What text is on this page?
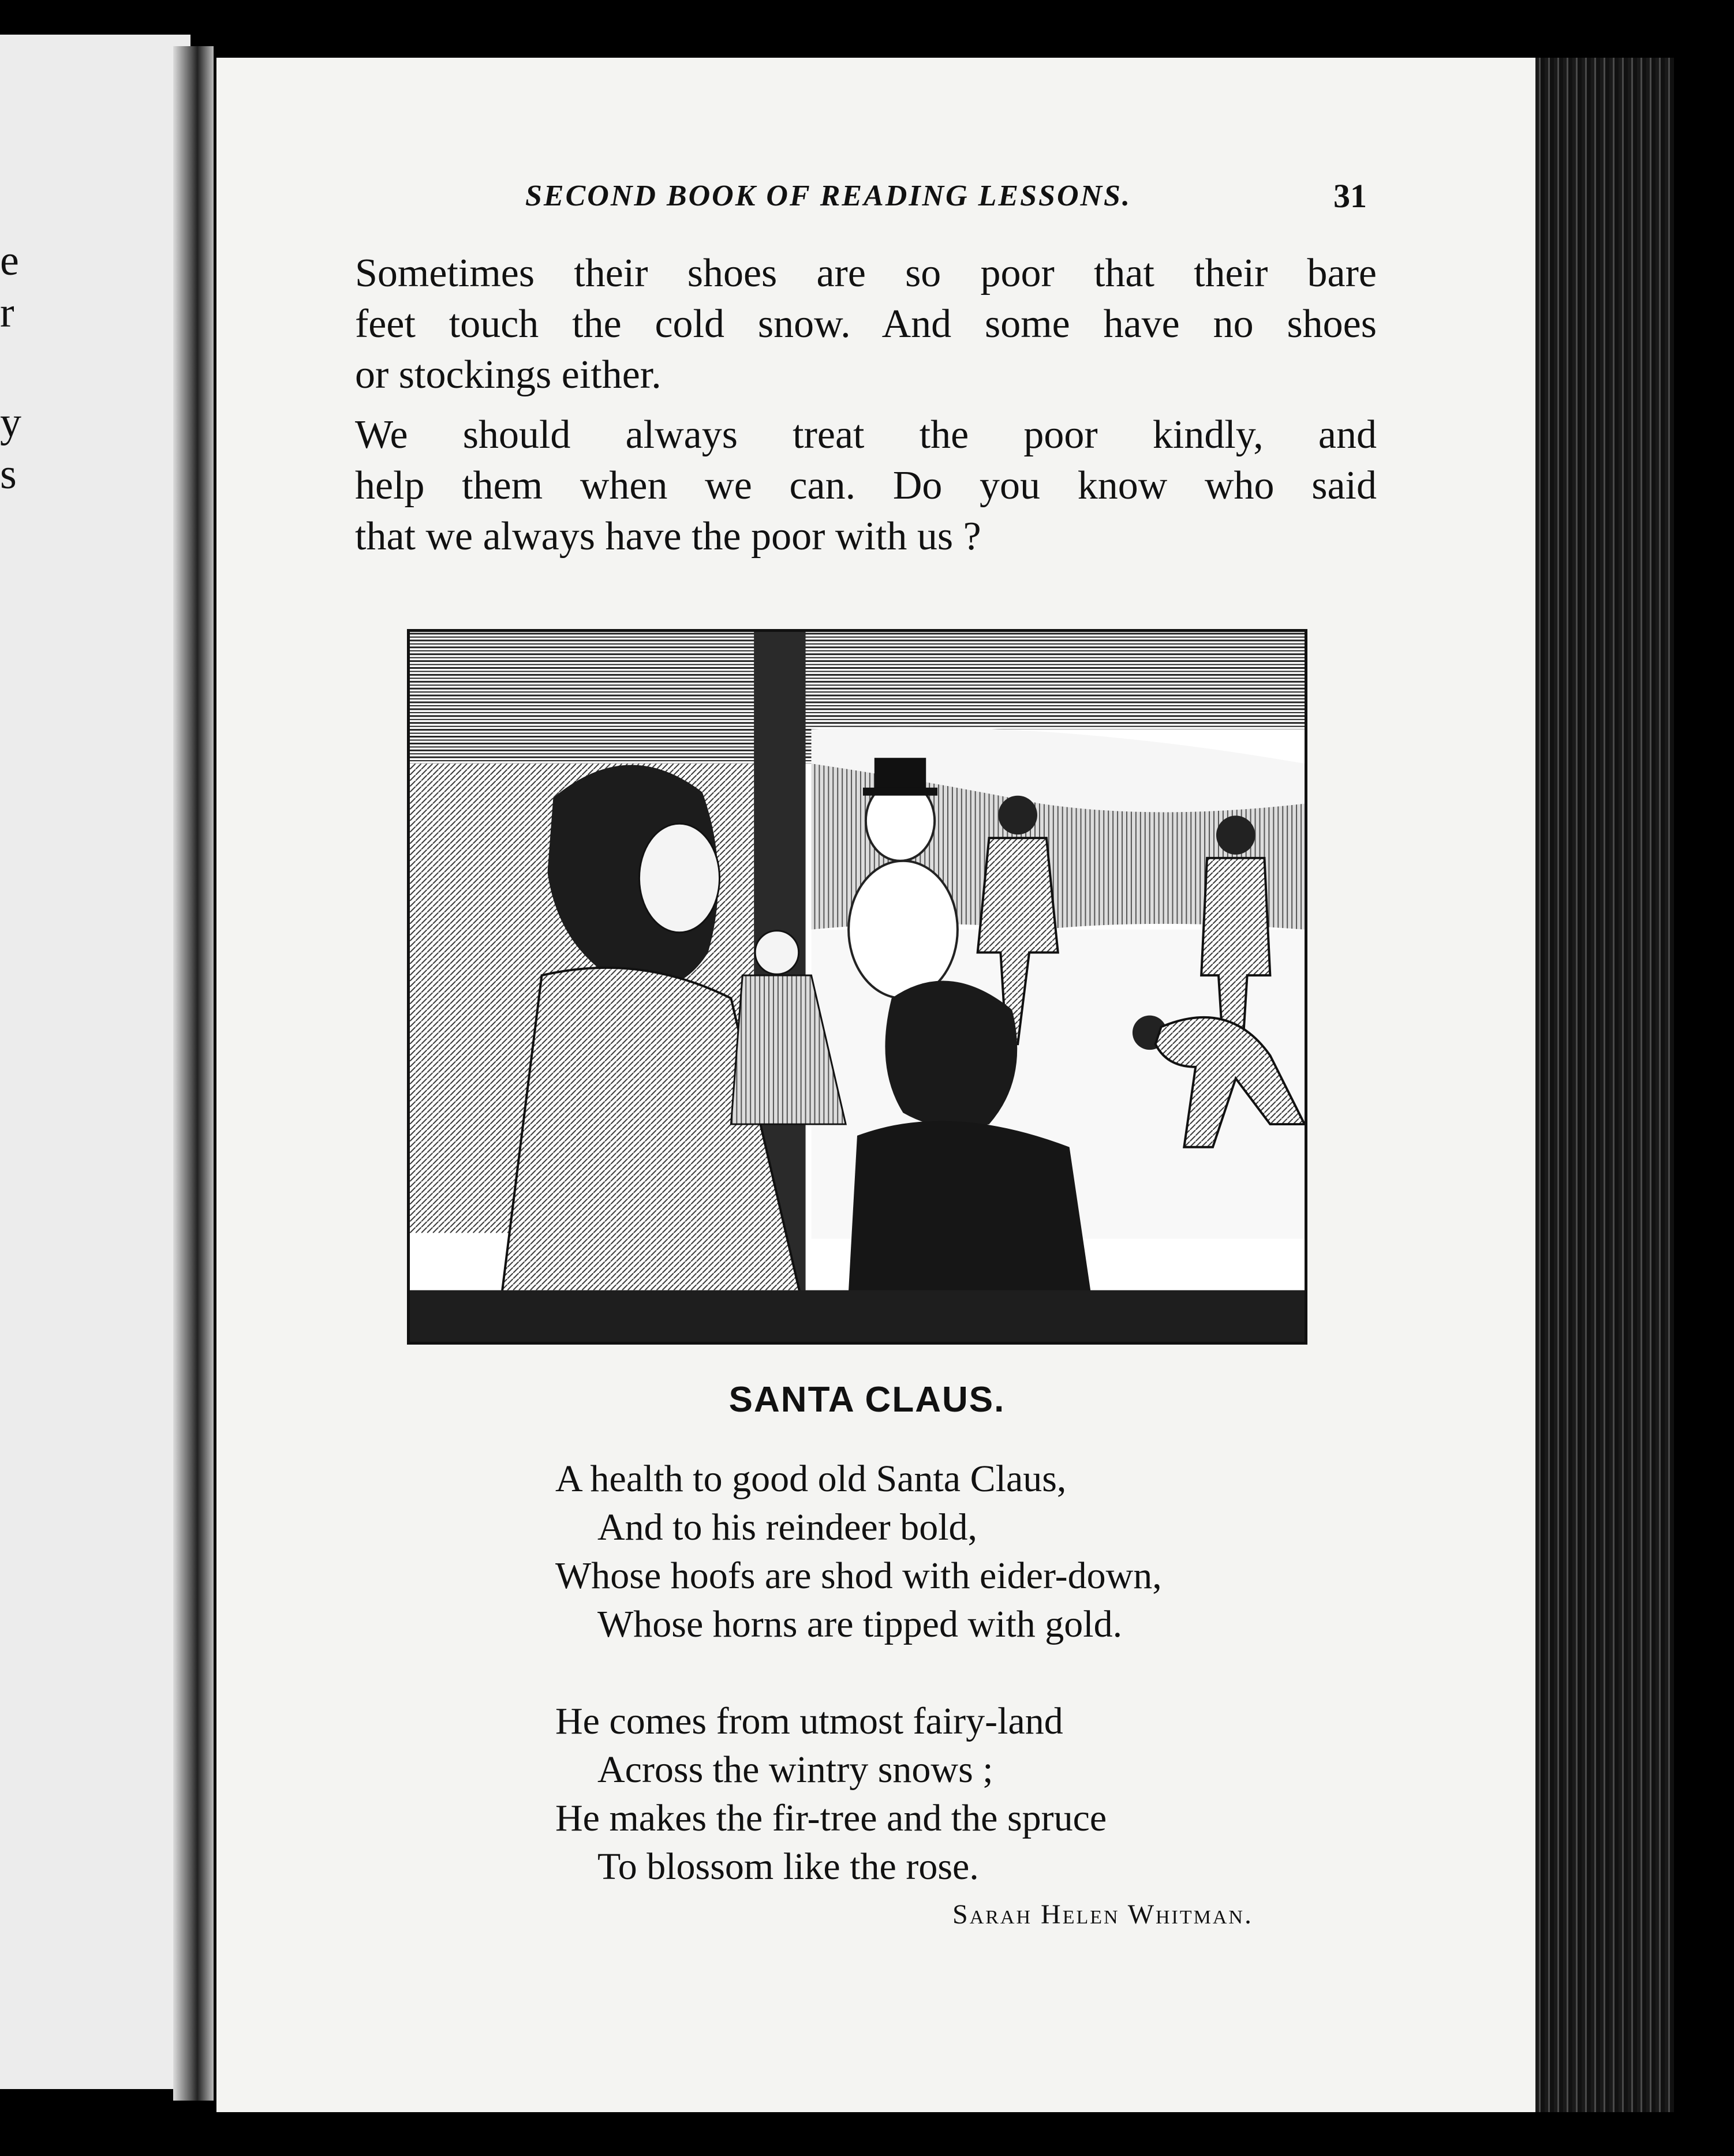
e
r
y
s
SECOND BOOK OF READING LESSONS.	31
Sometimes their shoes are so poor that their bare
feet touch the cold snow. And some have no shoes
or stockings either.
We should always treat the poor kindly, and
help them when we can. Do you know who said
that we always have the poor with us ?
SANTA CLAUS.
A health to good old Santa Claus,
And to his reindeer bold,
Whose hoofs are shod with eider-down,
Whose horns are tipped with gold.
He comes from utmost fairy-land
Across the wintry snows ;
He makes the fir-tree and the spruce
To blossom like the rose.
Sarah Helen Whitman.
